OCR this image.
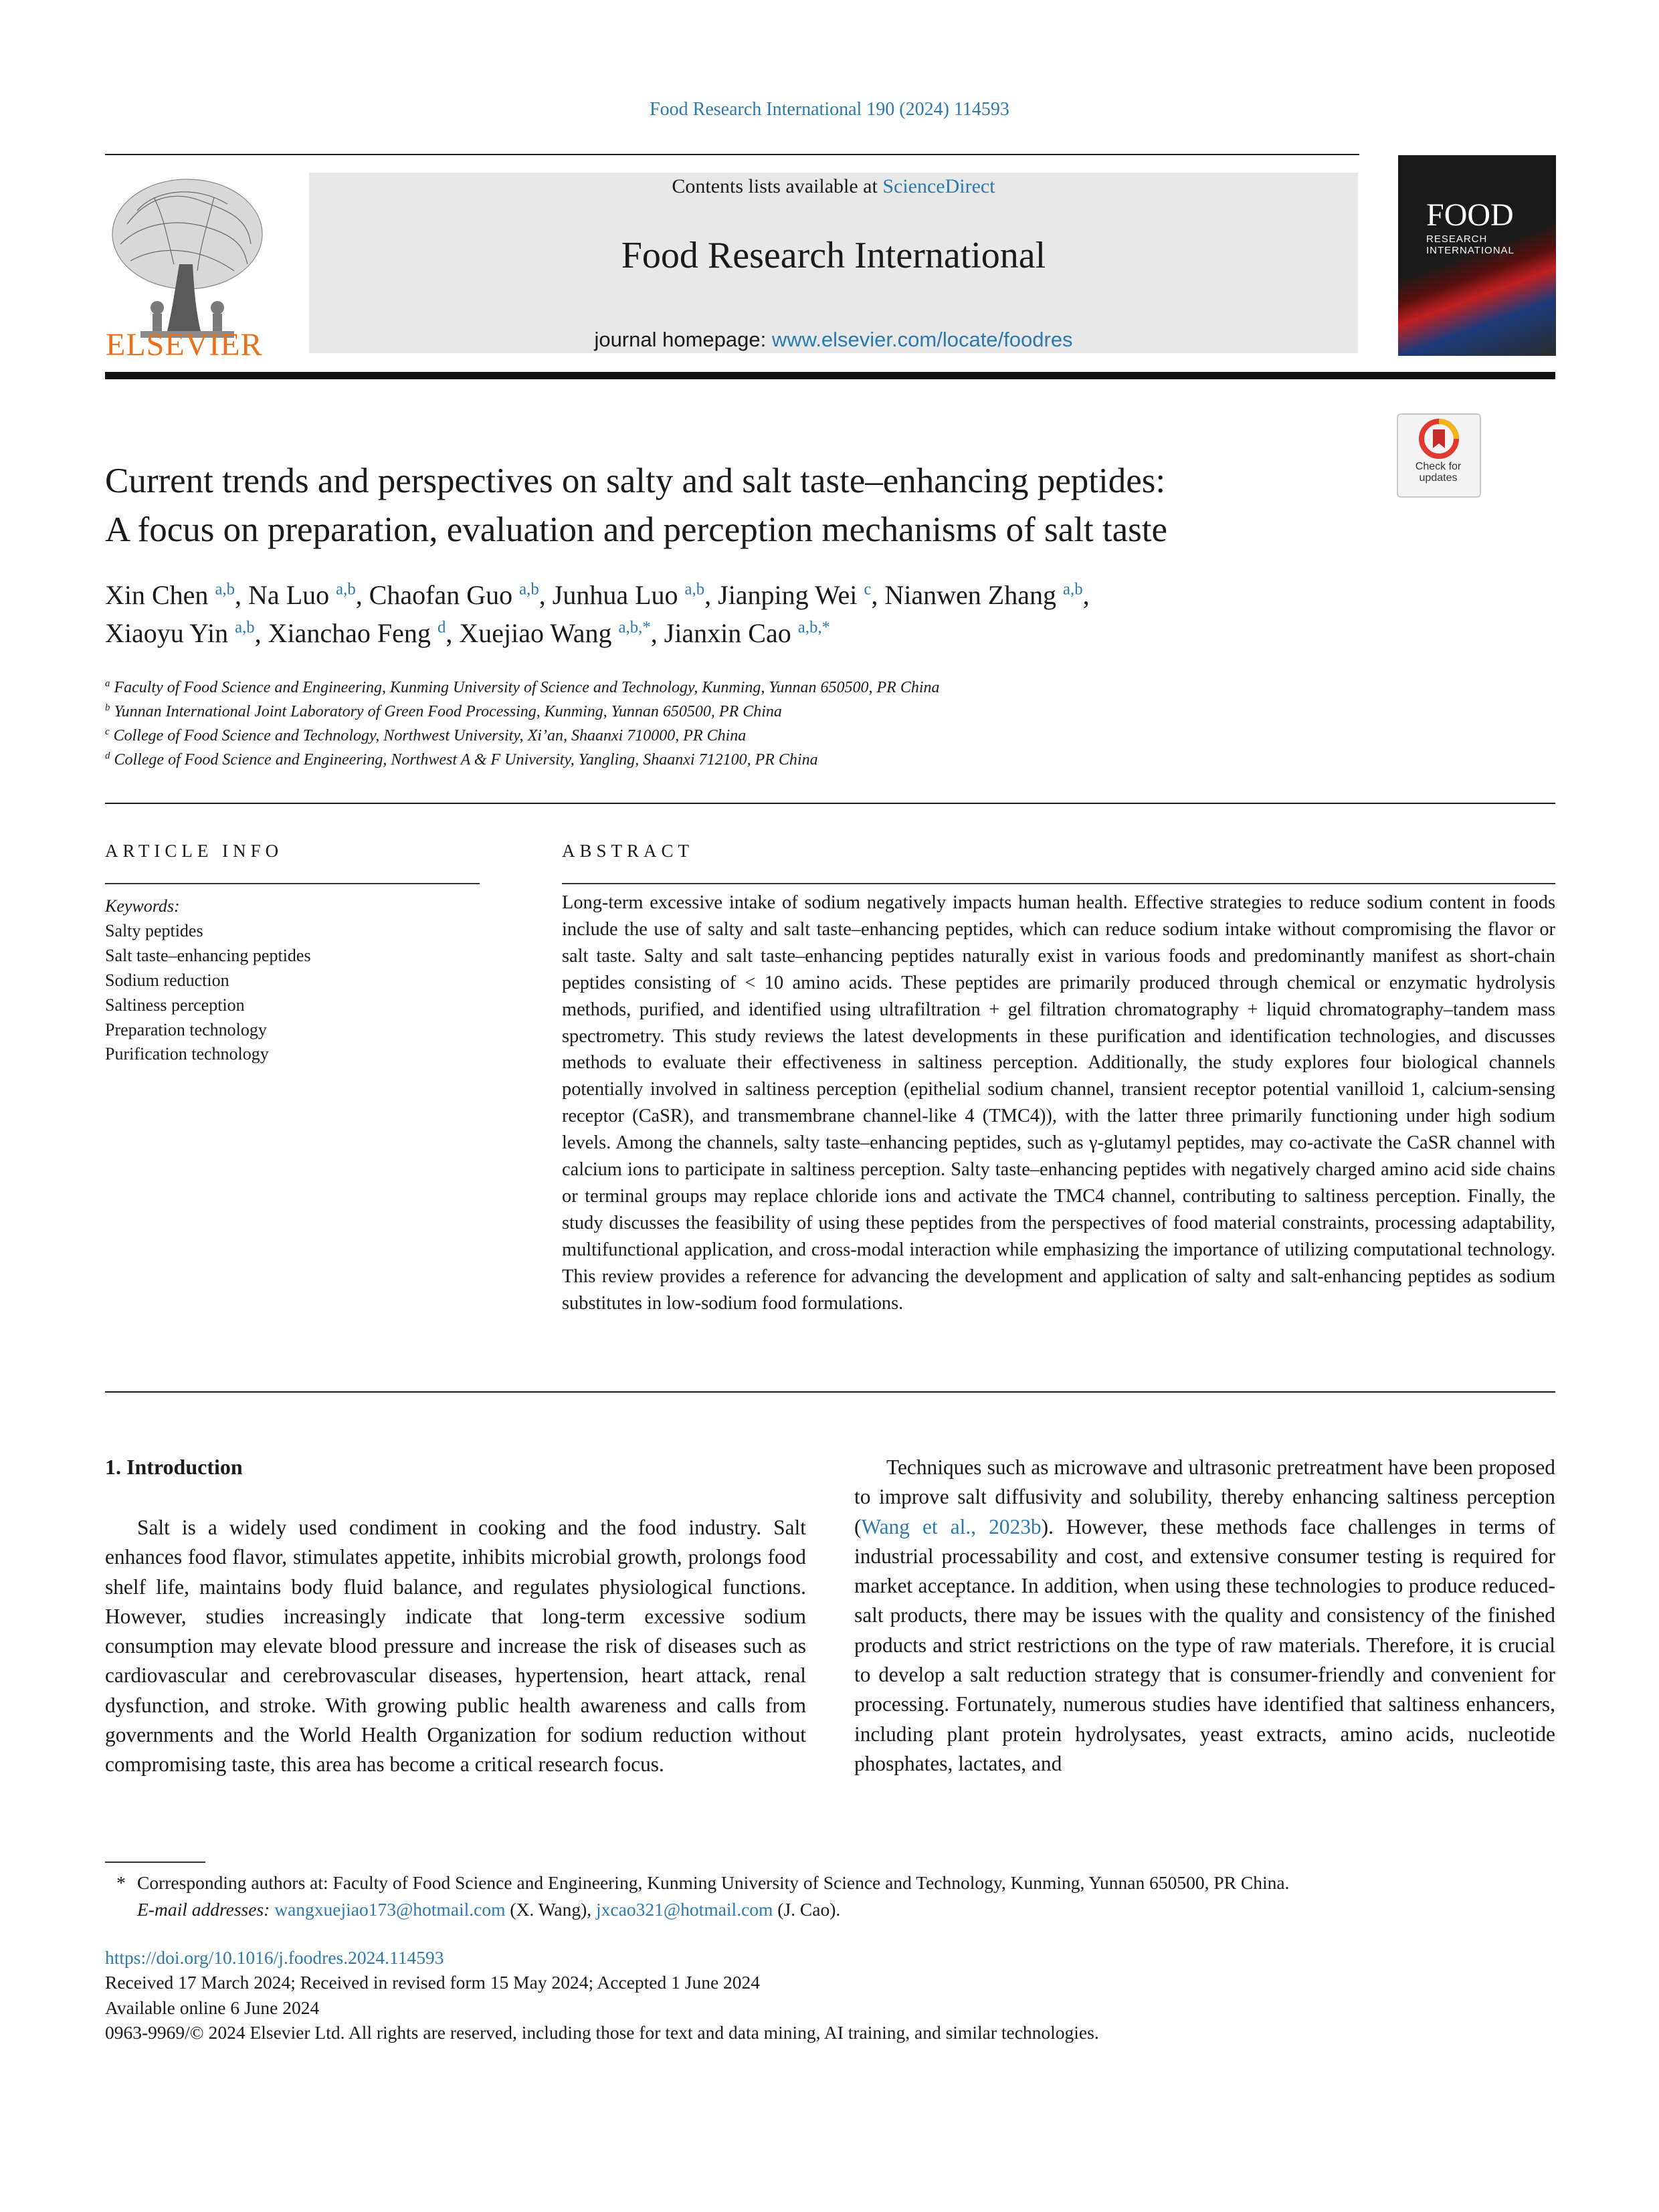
Food Research International 190 (2024) 114593
ELSEVIER
Contents lists available at ScienceDirect
Food Research International
journal homepage: www.elsevier.com/locate/foodres
FOOD
RESEARCH INTERNATIONAL
Check for updates
Current trends and perspectives on salty and salt taste–enhancing peptides:
A focus on preparation, evaluation and perception mechanisms of salt taste
Xin Chen $^{a,b}$, Na Luo $^{a,b}$, Chaofan Guo $^{a,b}$, Junhua Luo $^{a,b}$, Jianping Wei $^c$, Nianwen Zhang $^{a,b}$,
Xiaoyu Yin $^{a,b}$, Xianchao Feng $^d$, Xuejiao Wang $^{a,b,*}$, Jianxin Cao $^{a,b,*}$
$^a$ Faculty of Food Science and Engineering, Kunming University of Science and Technology, Kunming, Yunnan 650500, PR China
$^b$ Yunnan International Joint Laboratory of Green Food Processing, Kunming, Yunnan 650500, PR China
$^c$ College of Food Science and Technology, Northwest University, Xi’an, Shaanxi 710000, PR China
$^d$ College of Food Science and Engineering, Northwest A & F University, Yangling, Shaanxi 712100, PR China
ARTICLE INFO
Keywords:
Salty peptides
Salt taste–enhancing peptides
Sodium reduction
Saltiness perception
Preparation technology
Purification technology
ABSTRACT
Long-term excessive intake of sodium negatively impacts human health. Effective strategies to reduce sodium content in foods include the use of salty and salt taste–enhancing peptides, which can reduce sodium intake without compromising the flavor or salt taste. Salty and salt taste–enhancing peptides naturally exist in various foods and predominantly manifest as short-chain peptides consisting of < 10 amino acids. These peptides are primarily produced through chemical or enzymatic hydrolysis methods, purified, and identified using ultrafiltration + gel filtration chromatography + liquid chromatography–tandem mass spectrometry. This study reviews the latest developments in these purification and identification technologies, and discusses methods to evaluate their effectiveness in saltiness perception. Additionally, the study explores four biological channels potentially involved in saltiness perception (epithelial sodium channel, transient receptor potential vanilloid 1, calcium-sensing receptor (CaSR), and transmembrane channel-like 4 (TMC4)), with the latter three primarily functioning under high sodium levels. Among the channels, salty taste–enhancing peptides, such as γ-glutamyl peptides, may co-activate the CaSR channel with calcium ions to participate in saltiness perception. Salty taste–enhancing peptides with negatively charged amino acid side chains or terminal groups may replace chloride ions and activate the TMC4 channel, contributing to saltiness perception. Finally, the study discusses the feasibility of using these peptides from the perspectives of food material constraints, processing adaptability, multifunctional application, and cross-modal interaction while emphasizing the importance of utilizing computational technology. This review provides a reference for advancing the development and application of salty and salt-enhancing peptides as sodium substitutes in low-sodium food formulations.
1. Introduction
Salt is a widely used condiment in cooking and the food industry. Salt enhances food flavor, stimulates appetite, inhibits microbial growth, prolongs food shelf life, maintains body fluid balance, and regulates physiological functions. However, studies increasingly indicate that long-term excessive sodium consumption may elevate blood pressure and increase the risk of diseases such as cardiovascular and cerebrovascular diseases, hypertension, heart attack, renal dysfunction, and stroke. With growing public health awareness and calls from governments and the World Health Organization for sodium reduction without compromising taste, this area has become a critical research focus.
Techniques such as microwave and ultrasonic pretreatment have been proposed to improve salt diffusivity and solubility, thereby enhancing saltiness perception (Wang et al., 2023b). However, these methods face challenges in terms of industrial processability and cost, and extensive consumer testing is required for market acceptance. In addition, when using these technologies to produce reduced-salt products, there may be issues with the quality and consistency of the finished products and strict restrictions on the type of raw materials. Therefore, it is crucial to develop a salt reduction strategy that is consumer-friendly and convenient for processing. Fortunately, numerous studies have identified that saltiness enhancers, including plant protein hydrolysates, yeast extracts, amino acids, nucleotide phosphates, lactates, and
* Corresponding authors at: Faculty of Food Science and Engineering, Kunming University of Science and Technology, Kunming, Yunnan 650500, PR China.
E-mail addresses: wangxuejiao173@hotmail.com (X. Wang), jxcao321@hotmail.com (J. Cao).
https://doi.org/10.1016/j.foodres.2024.114593
Received 17 March 2024; Received in revised form 15 May 2024; Accepted 1 June 2024
Available online 6 June 2024
0963-9969/© 2024 Elsevier Ltd. All rights are reserved, including those for text and data mining, AI training, and similar technologies.
